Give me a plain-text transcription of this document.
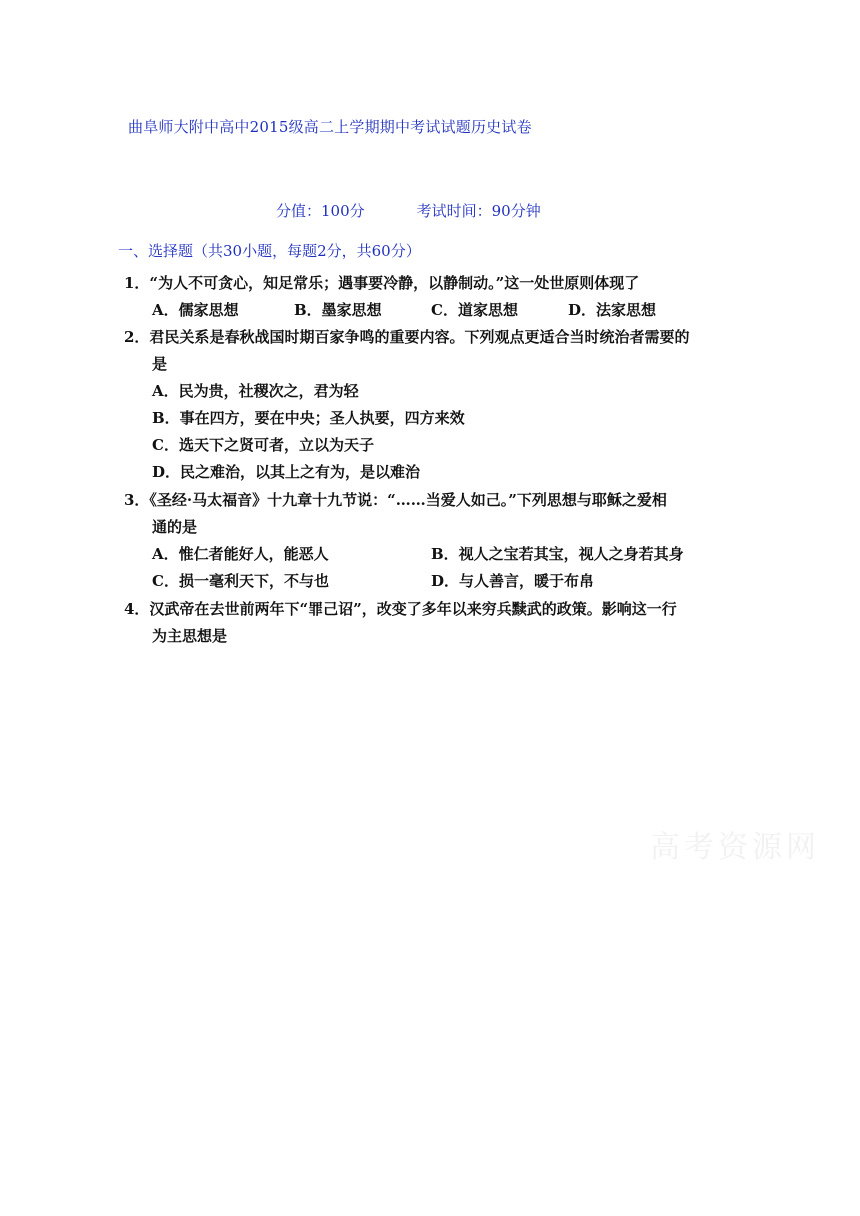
曲阜师大附中高中2015级高二上学期期中考试试题历史试卷
分值：100分	考试时间：90分钟
一、选择题（共30小题，每题2分，共60分）
1．“为人不可贪心，知足常乐；遇事要冷静，以静制动。”这一处世原则体现了
A．儒家思想	B．墨家思想	C．道家思想	D．法家思想
2．君民关系是春秋战国时期百家争鸣的重要内容。下列观点更适合当时统治者需要的
是
A．民为贵，社稷次之，君为轻
B．事在四方，要在中央；圣人执要，四方来效
C．选天下之贤可者，立以为天子
D．民之难治，以其上之有为，是以难治
3．《圣经·马太福音》十九章十九节说：“……当爱人如己。”下列思想与耶稣之爱相
通的是
A．惟仁者能好人，能恶人	B．视人之宝若其宝，视人之身若其身
C．损一毫利天下，不与也	D．与人善言，暖于布帛
4．汉武帝在去世前两年下“罪己诏”，改变了多年以来穷兵黩武的政策。影响这一行
为主思想是
高考资源网
